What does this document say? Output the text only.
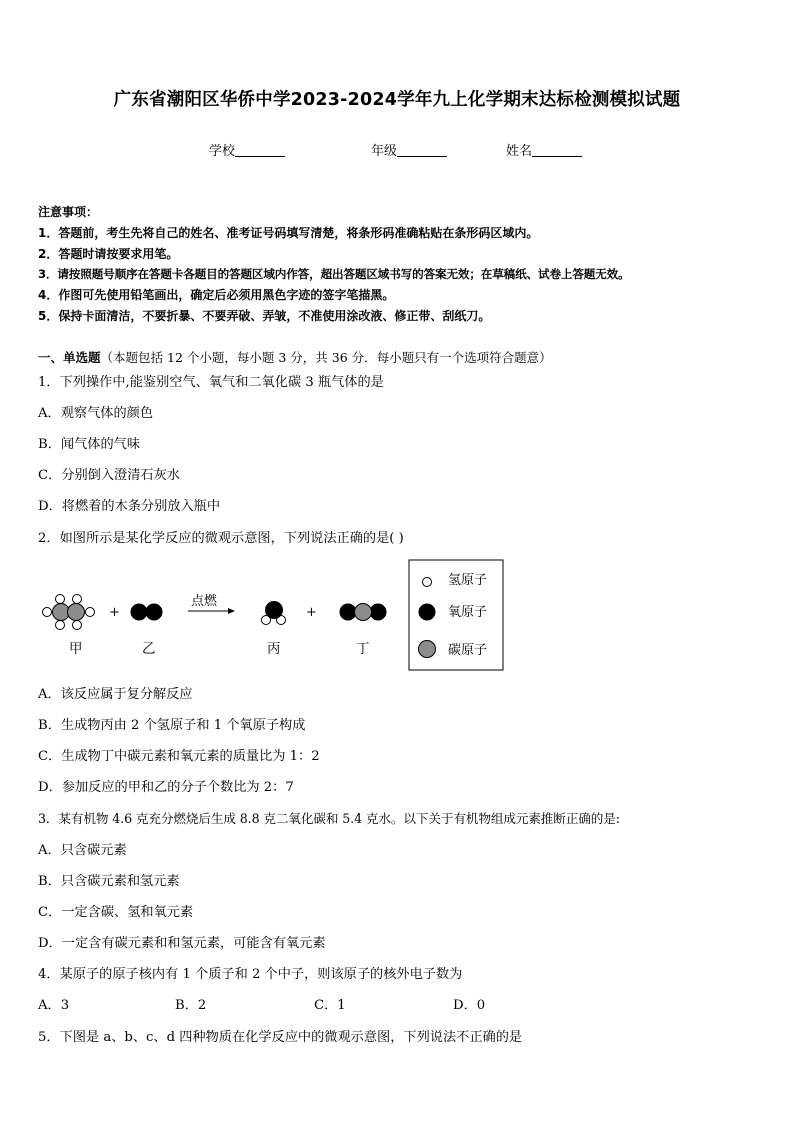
广东省潮阳区华侨中学2023-2024学年九上化学期末达标检测模拟试题
学校	年级	姓名
注意事项：
1．答题前，考生先将自己的姓名、准考证号码填写清楚，将条形码准确粘贴在条形码区域内。
2．答题时请按要求用笔。
3．请按照题号顺序在答题卡各题目的答题区域内作答，超出答题区域书写的答案无效；在草稿纸、试卷上答题无效。
4．作图可先使用铅笔画出，确定后必须用黑色字迹的签字笔描黑。
5．保持卡面清洁，不要折暴、不要弄破、弄皱，不准使用涂改液、修正带、刮纸刀。
一、单选题（本题包括 12 个小题，每小题 3 分，共 36 分．每小题只有一个选项符合题意）
1．下列操作中,能鉴别空气、氧气和二氧化碳 3 瓶气体的是
A．观察气体的颜色
B．闻气体的气味
C．分别倒入澄清石灰水
D．将燃着的木条分别放入瓶中
2．如图所示是某化学反应的微观示意图，下列说法正确的是( )
+
点燃
+
甲	乙	丙	丁
氢原子
氧原子
碳原子
A．该反应属于复分解反应
B．生成物丙由 2 个氢原子和 1 个氧原子构成
C．生成物丁中碳元素和氧元素的质量比为 1：2
D．参加反应的甲和乙的分子个数比为 2：7
3．某有机物 4.6 克充分燃烧后生成 8.8 克二氧化碳和 5.4 克水。以下关于有机物组成元素推断正确的是:
A．只含碳元素
B．只含碳元素和氢元素
C．一定含碳、氢和氧元素
D．一定含有碳元素和和氢元素，可能含有氧元素
4．某原子的原子核内有 1 个质子和 2 个中子，则该原子的核外电子数为
A．3	B．2	C．1	D．0
5．下图是 a、b、c、d 四种物质在化学反应中的微观示意图，下列说法不正确的是
